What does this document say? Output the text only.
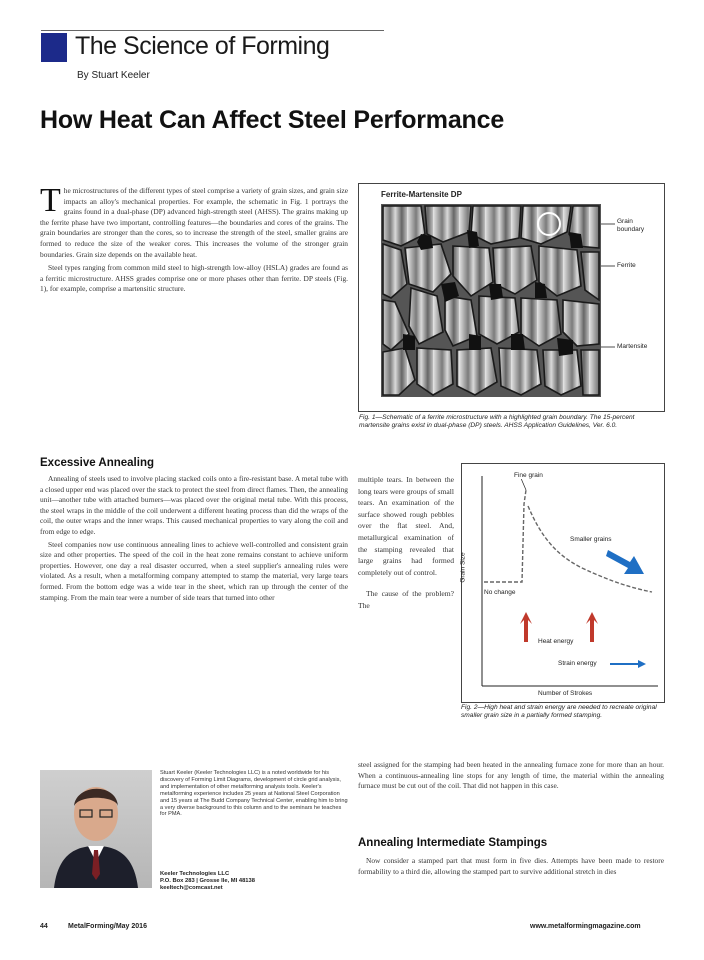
The Science of Forming
By Stuart Keeler
How Heat Can Affect Steel Performance

The microstructures of the different types of steel comprise a variety of grain sizes, and grain size impacts an alloy's mechanical properties. For example, the schematic in Fig. 1 portrays the grains found in a dual-phase (DP) advanced high-strength steel (AHSS). The grains making up the ferrite phase have two important, controlling features—the boundaries and cores of the grains. The grain boundaries are stronger than the cores, so to increase the strength of the steel, smaller grains are formed to reduce the size of the weaker cores. This increases the volume of the stronger grain boundaries. Grain size depends on the available heat.

Steel types ranging from common mild steel to high-strength low-alloy (HSLA) grades are found as a ferritic microstructure. AHSS grades comprise one or more phases other than ferrite. DP steels (Fig. 1), for example, comprise a martensitic structure.

Excessive Annealing

Annealing of steels used to involve placing stacked coils onto a fire-resistant base. A metal tube with a closed upper end was placed over the stack to protect the steel from direct flames. Then, the annealing unit—another tube with attached burners—was placed over the original metal tube. With this process, the steel wraps in the middle of the coil underwent a different heating process than did the wraps of the coil, the outer wraps and the inner wraps. This caused mechanical properties to vary along the coil and from edge to edge.

Steel companies now use continuous annealing lines to achieve well-controlled and consistent grain size and other properties. The speed of the coil in the heat zone remains constant to achieve uniform properties. However, one day a real disaster occurred, when a steel supplier's annealing rules were violated. As a result, when a metalforming company attempted to stamp the material, very large tears formed. From the bottom edge was a wide tear in the sheet, which ran up through the center of the stamping. From the main tear were a number of side tears that turned into other

Ferrite-Martensite DP
Grain boundary
Ferrite
Martensite
Fig. 1—Schematic of a ferrite microstructure with a highlighted grain boundary. The 15-percent martensite grains exist in dual-phase (DP) steels. AHSS Application Guidelines, Ver. 6.0.
Fine grain
Smaller grains
No change
Heat energy
Strain energy
Grain Size
Number of Strokes
Fig. 2—High heat and strain energy are needed to recreate original smaller grain size in a partially formed stamping.

multiple tears. In between the long tears were groups of small tears. An examination of the surface showed rough pebbles over the flat steel. And, metallurgical examination of the stamping revealed that large grains had formed completely out of control.

The cause of the problem? The

steel assigned for the stamping had been heated in the annealing furnace zone for more than an hour. When a continuous-annealing line stops for any length of time, the material within the annealing furnace must be cut out of the coil. That did not happen in this case.
Annealing Intermediate Stampings
Now consider a stamped part that must form in five dies. Attempts have been made to restore formability to a third die, allowing the stamped part to survive additional stretch in dies
Stuart Keeler (Keeler Technologies LLC) is a noted worldwide for his discovery of Forming Limit Diagrams, development of circle grid analysis, and implementation of other metalforming analysis tools. Keeler's metalforming experience includes 25 years at National Steel Corporation and 15 years at The Budd Company Technical Center, enabling him to bring a very diverse background to this column and to the seminars he teaches for PMA.
Keeler Technologies LLC
P.O. Box 283 | Grosse Ile, MI 48138
keeltech@comcast.net
44	MetalForming/May 2016	www.metalformingmagazine.com
